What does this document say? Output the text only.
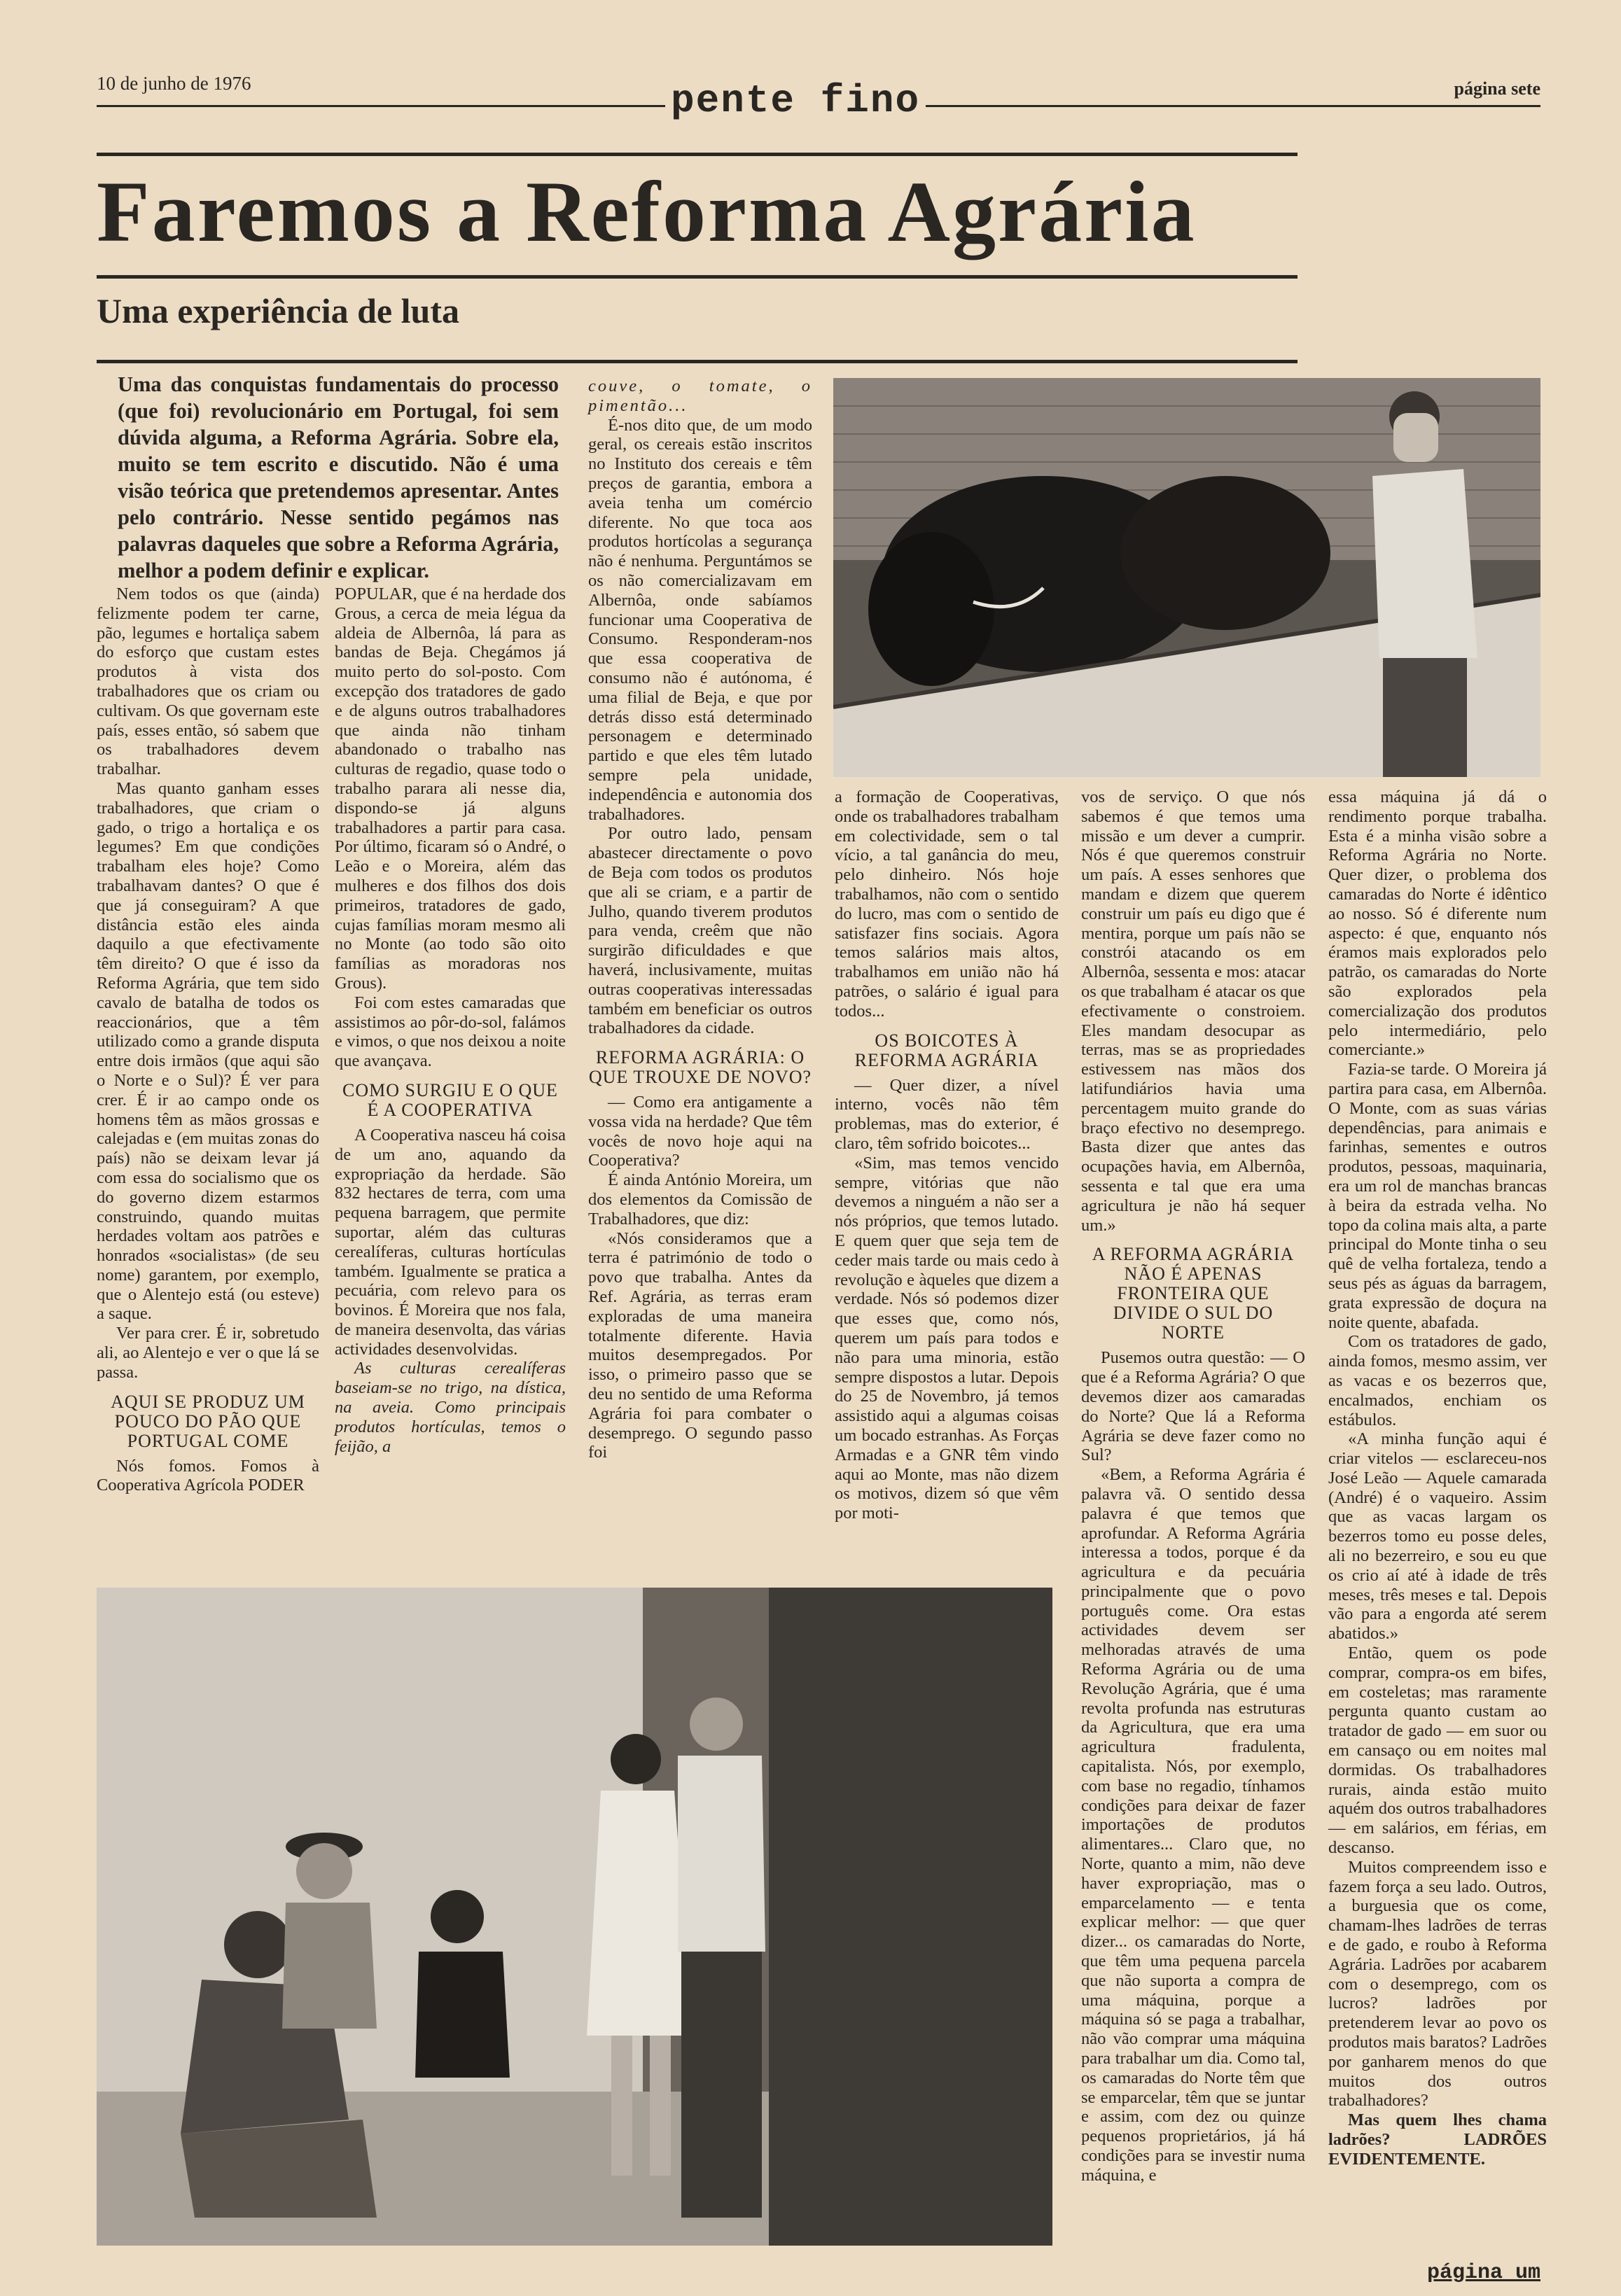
10 de junho de 1976	pente fino	página sete
Faremos a Reforma Agrária
Uma experiência de luta
Uma das conquistas fundamentais do processo (que foi) revolucionário em Portugal, foi sem dúvida alguma, a Reforma Agrária. Sobre ela, muito se tem escrito e discutido. Não é uma visão teórica que pretendemos apresentar. Antes pelo contrário. Nesse sentido pegámos nas palavras daqueles que sobre a Reforma Agrária, melhor a podem definir e explicar.

Nem todos os que (ainda) felizmente podem ter carne, pão, legumes e hortaliça sabem do esforço que custam estes produtos à vista dos trabalhadores que os criam ou cultivam. Os que governam este país, esses então, só sabem que os trabalhadores devem trabalhar.

Mas quanto ganham esses trabalhadores, que criam o gado, o trigo a hortaliça e os legumes? Em que condições trabalham eles hoje? Como trabalhavam dantes? O que é que já conseguiram? A que distância estão eles ainda daquilo a que efectivamente têm direito? O que é isso da Reforma Agrária, que tem sido cavalo de batalha de todos os reaccionários, que a têm utilizado como a grande disputa entre dois irmãos (que aqui são o Norte e o Sul)? É ver para crer. É ir ao campo onde os homens têm as mãos grossas e calejadas e (em muitas zonas do país) não se deixam levar já com essa do socialismo que os do governo dizem estarmos construindo, quando muitas herdades voltam aos patrões e honrados «socialistas» (de seu nome) garantem, por exemplo, que o Alentejo está (ou esteve) a saque.

Ver para crer. É ir, sobretudo ali, ao Alentejo e ver o que lá se passa.

AQUI SE PRODUZ UM POUCO DO PÃO QUE PORTUGAL COME

Nós fomos. Fomos à Cooperativa Agrícola PODER

POPULAR, que é na herdade dos Grous, a cerca de meia légua da aldeia de Albernôa, lá para as bandas de Beja. Chegámos já muito perto do sol-posto. Com excepção dos tratadores de gado e de alguns outros trabalhadores que ainda não tinham abandonado o trabalho nas culturas de regadio, quase todo o trabalho parara ali nesse dia, dispondo-se já alguns trabalhadores a partir para casa. Por último, ficaram só o André, o Leão e o Moreira, além das mulheres e dos filhos dos dois primeiros, tratadores de gado, cujas famílias moram mesmo ali no Monte (ao todo são oito famílias as moradoras nos Grous).

Foi com estes camaradas que assistimos ao pôr-do-sol, falámos e vimos, o que nos deixou a noite que avançava.

COMO SURGIU E O QUE É A COOPERATIVA

A Cooperativa nasceu há coisa de um ano, aquando da expropriação da herdade. São 832 hectares de terra, com uma pequena barragem, que permite suportar, além das culturas cerealíferas, culturas hortículas também. Igualmente se pratica a pecuária, com relevo para os bovinos. É Moreira que nos fala, de maneira desenvolta, das várias actividades desenvolvidas.

As culturas cerealíferas baseiam-se no trigo, na dística, na aveia. Como principais produtos hortículas, temos o feijão, a

couve, o tomate, o pimentão...

É-nos dito que, de um modo geral, os cereais estão inscritos no Instituto dos cereais e têm preços de garantia, embora a aveia tenha um comércio diferente. No que toca aos produtos hortícolas a segurança não é nenhuma. Perguntámos se os não comercializavam em Albernôa, onde sabíamos funcionar uma Cooperativa de Consumo. Responderam-nos que essa cooperativa de consumo não é autónoma, é uma filial de Beja, e que por detrás disso está determinado personagem e determinado partido e que eles têm lutado sempre pela unidade, independência e autonomia dos trabalhadores.

Por outro lado, pensam abastecer directamente o povo de Beja com todos os produtos que ali se criam, e a partir de Julho, quando tiverem produtos para vendа, creêm que não surgirão dificuldades e que haverá, inclusivamente, muitas outras cooperativas interessadas também em beneficiar os outros trabalhadores da cidade.

REFORMA AGRÁRIA: O QUE TROUXE DE NOVO?

— Como era antigamente a vossa vida na herdade? Que têm vocês de novo hoje aqui na Cooperativa?

É ainda António Moreira, um dos elementos da Comissão de Trabalhadores, que diz:

«Nós consideramos que a terra é património de todo o povo que trabalha. Antes da Ref. Agrária, as terras eram exploradas de uma maneira totalmente diferente. Havia muitos desempregados. Por isso, o primeiro passo que se deu no sentido de uma Reforma Agrária foi para combater o desemprego. O segundo passo foi

a formação de Cooperativas, onde os trabalhadores trabalham em colectividade, sem o tal vício, a tal ganância do meu, pelo dinheiro. Nós hoje trabalhamos, não com o sentido do lucro, mas com o sentido de satisfazer fins sociais. Agora temos salários mais altos, trabalhamos em união não há patrões, o salário é igual para todos...

OS BOICOTES À REFORMA AGRÁRIA

— Quer dizer, a nível interno, vocês não têm problemas, mas do exterior, é claro, têm sofrido boicotes...

«Sim, mas temos vencido sempre, vitórias que não devemos a ninguém a não ser a nós próprios, que temos lutado. E quem quer que seja tem de ceder mais tarde ou mais cedo à revolução e àqueles que dizem a verdade. Nós só podemos dizer que esses que, como nós, querem um país para todos e não para uma minoria, estão sempre dispostos a lutar. Depois do 25 de Novembro, já temos assistido aqui a algumas coisas um bocado estranhas. As Forças Armadas e a GNR têm vindo aqui ao Monte, mas não dizem os motivos, dizem só que vêm por moti-

vos de serviço. O que nós sabemos é que temos uma missão e um dever a cumprir. Nós é que queremos construir um país. A esses senhores que mandam e dizem que querem construir um país eu digo que é mentira, porque um país não se constrói atacando os em Albernôa, sessenta e mos: atacar os que trabalham é atacar os que efectivamente o constroiem. Eles mandam desocupar as terras, mas se as propriedades estivessem nas mãos dos latifundiários havia uma percentagem muito grande do braço efectivo no desemprego. Basta dizer que antes das ocupações havia, em Albernôa, sessenta e tal que era uma agricultura je não há sequer um.»

A REFORMA AGRÁRIA NÃO É APENAS FRONTEIRA QUE DIVIDE O SUL DO NORTE

Pusemos outra questão: — O que é a Reforma Agrária? O que devemos dizer aos camaradas do Norte? Que lá a Reforma Agrária se deve fazer como no Sul?

«Bem, a Reforma Agrária é palavra vã. O sentido dessa palavra é que temos que aprofundar. A Reforma Agrária interessa a todos, porque é da agricultura e da pecuária principalmente que o povo português come. Ora estas actividades devem ser melhoradas através de uma Reforma Agrária ou de uma Revolução Agrária, que é uma revolta profunda nas estruturas da Agricultura, que era uma agricultura fradulenta, capitalista. Nós, por exemplo, com base no regadio, tínhamos condições para deixar de fazer importações de produtos alimentares... Claro que, no Norte, quanto a mim, não deve haver expropriação, mas o emparcelamento — e tenta explicar melhor: — que quer dizer... os camaradas do Norte, que têm uma pequena parcela que não suporta a compra de uma máquina, porque a máquina só se paga a trabalhar, não vão comprar uma máquina para trabalhar um dia. Como tal, os camaradas do Norte têm que se emparcelar, têm que se juntar e assim, com dez ou quinze pequenos proprietários, já há condições para se investir numa máquina, e

essa máquina já dá o rendimento porque trabalha. Esta é a minha visão sobre a Reforma Agrária no Norte. Quer dizer, o problema dos camaradas do Norte é idêntico ao nosso. Só é diferente num aspecto: é que, enquanto nós éramos mais explorados pelo patrão, os camaradas do Norte são explorados pela comercialização dos produtos pelo intermediário, pelo comerciante.»

Fazia-se tarde. O Moreira já partira para casa, em Albernôa. O Monte, com as suas várias dependências, para animais e farinhas, sementes e outros produtos, pessoas, maquinaria, era um rol de manchas brancas à beira da estrada velha. No topo da colina mais alta, a parte principal do Monte tinha o seu quê de velha fortaleza, tendo a seus pés as águas da barragem, grata expressão de doçura na noite quente, abafada.

Com os tratadores de gado, ainda fomos, mesmo assim, ver as vacas e os bezerros que, encalmados, enchiam os estábulos.

«A minha função aqui é criar vitelos — esclareceu-nos José Leão — Aquele camarada (André) é o vaqueiro. Assim que as vacas largam os bezerros tomo eu posse deles, ali no bezerreiro, e sou eu que os crio aí até à idade de três meses, três meses e tal. Depois vão para a engorda até serem abatidos.»

Então, quem os pode comprar, compra-os em bifes, em costeletas; mas raramente pergunta quanto custam ao tratador de gado — em suor ou em cansaço ou em noites mal dormidas. Os trabalhadores rurais, ainda estão muito aquém dos outros trabalhadores — em salários, em férias, em descanso.

Muitos compreendem isso e fazem força a seu lado. Outros, a burguesia que os come, chamam-lhes ladrões de terras e de gado, e roubo à Reforma Agrária. Ladrões por acabarem com o desemprego, com os lucros? ladrões por pretenderem levar ao povo os produtos mais baratos? Ladrões por ganharem menos do que muitos dos outros trabalhadores?

Mas quem lhes chama ladrões? LADRÕES EVIDENTEMENTE.

página um
